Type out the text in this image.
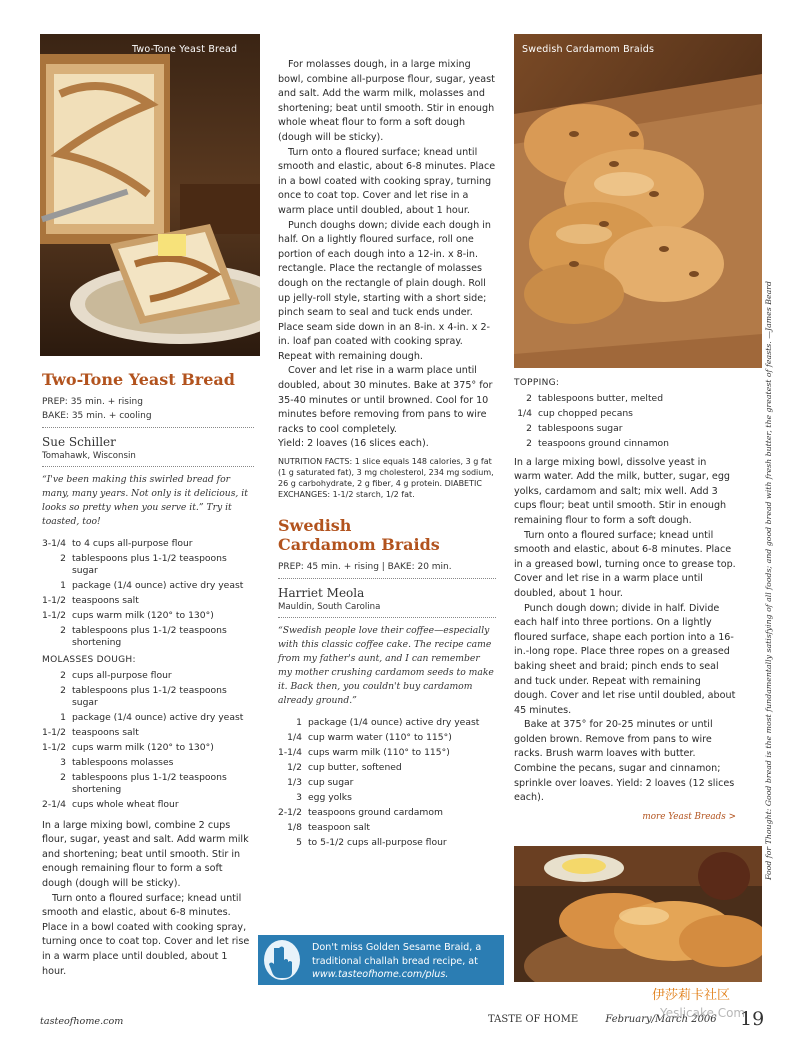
Two-Tone Yeast Bread	Swedish Cardamom Braids
Two-Tone Yeast Bread
PREP: 35 min. + rising
BAKE: 35 min. + cooling
Sue Schiller
Tomahawk, Wisconsin
“I've been making this swirled bread for many, many years. Not only is it delicious, it looks so pretty when you serve it.” Try it toasted, too!
3-1/4	to 4 cups all-purpose flour
2	tablespoons plus 1-1/2 teaspoons sugar
1	package (1/4 ounce) active dry yeast
1-1/2	teaspoons salt
1-1/2	cups warm milk (120° to 130°)
2	tablespoons plus 1-1/2 teaspoons shortening
MOLASSES DOUGH:
2	cups all-purpose flour
2	tablespoons plus 1-1/2 teaspoons sugar
1	package (1/4 ounce) active dry yeast
1-1/2	teaspoons salt
1-1/2	cups warm milk (120° to 130°)
3	tablespoons molasses
2	tablespoons plus 1-1/2 teaspoons shortening
2-1/4	cups whole wheat flour

In a large mixing bowl, combine 2 cups flour, sugar, yeast and salt. Add warm milk and shortening; beat until smooth. Stir in enough remaining flour to form a soft dough (dough will be sticky).

Turn onto a floured surface; knead until smooth and elastic, about 6-8 minutes. Place in a bowl coated with cooking spray, turning once to coat top. Cover and let rise in a warm place until doubled, about 1 hour.

For molasses dough, in a large mixing bowl, combine all-purpose flour, sugar, yeast and salt. Add the warm milk, molasses and shortening; beat until smooth. Stir in enough whole wheat flour to form a soft dough (dough will be sticky).

Turn onto a floured surface; knead until smooth and elastic, about 6-8 minutes. Place in a bowl coated with cooking spray, turning once to coat top. Cover and let rise in a warm place until doubled, about 1 hour.

Punch doughs down; divide each dough in half. On a lightly floured surface, roll one portion of each dough into a 12-in. x 8-in. rectangle. Place the rectangle of molasses dough on the rectangle of plain dough. Roll up jelly-roll style, starting with a short side; pinch seam to seal and tuck ends under. Place seam side down in an 8-in. x 4-in. x 2-in. loaf pan coated with cooking spray. Repeat with remaining dough.

Cover and let rise in a warm place until doubled, about 30 minutes. Bake at 375° for 35-40 minutes or until browned. Cool for 10 minutes before removing from pans to wire racks to cool completely.

Yield: 2 loaves (16 slices each).

NUTRITION FACTS: 1 slice equals 148 calories, 3 g fat (1 g saturated fat), 3 mg cholesterol, 234 mg sodium, 26 g carbohydrate, 2 g fiber, 4 g protein. DIABETIC EXCHANGES: 1-1/2 starch, 1/2 fat.
Swedish
Cardamom Braids
PREP: 45 min. + rising | BAKE: 20 min.
Harriet Meola
Mauldin, South Carolina
“Swedish people love their coffee—especially with this classic coffee cake. The recipe came from my father's aunt, and I can remember my mother crushing cardamom seeds to make it. Back then, you couldn't buy cardamom already ground.”
1	package (1/4 ounce) active dry yeast
1/4	cup warm water (110° to 115°)
1-1/4	cups warm milk (110° to 115°)
1/2	cup butter, softened
1/3	cup sugar
3	egg yolks
2-1/2	teaspoons ground cardamom
1/8	teaspoon salt
5	to 5-1/2 cups all-purpose flour
TOPPING:
2	tablespoons butter, melted
1/4	cup chopped pecans
2	tablespoons sugar
2	teaspoons ground cinnamon

In a large mixing bowl, dissolve yeast in warm water. Add the milk, butter, sugar, egg yolks, cardamom and salt; mix well. Add 3 cups flour; beat until smooth. Stir in enough remaining flour to form a soft dough.

Turn onto a floured surface; knead until smooth and elastic, about 6-8 minutes. Place in a greased bowl, turning once to grease top. Cover and let rise in a warm place until doubled, about 1 hour.

Punch dough down; divide in half. Divide each half into three portions. On a lightly floured surface, shape each portion into a 16-in.-long rope. Place three ropes on a greased baking sheet and braid; pinch ends to seal and tuck under. Repeat with remaining dough. Cover and let rise until doubled, about 45 minutes.

Bake at 375° for 20-25 minutes or until golden brown. Remove from pans to wire racks. Brush warm loaves with butter. Combine the pecans, sugar and cinnamon; sprinkle over loaves. Yield: 2 loaves (12 slices each).

more Yeast Breads >
Don't miss Golden Sesame Braid, a traditional challah bread recipe, at
www.tasteofhome.com/plus.
Food for Thought: Good bread is the most fundamentally satisfying of all foods; and good bread with fresh butter, the greatest of feasts. —James Beard
tasteofhome.com	TASTE OF HOME	February/March 2006 19
伊莎莉卡社区
Yeslicake.Com
